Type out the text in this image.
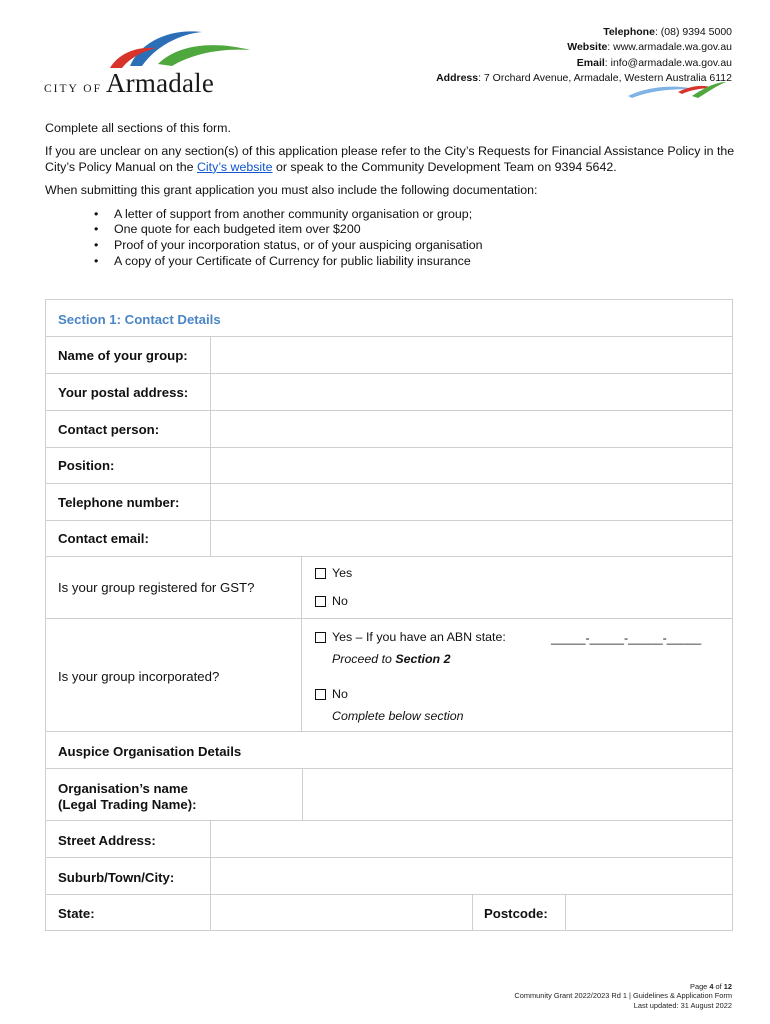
CITY OF Armadale
Telephone: (08) 9394 5000
Website: www.armadale.wa.gov.au
Email: info@armadale.wa.gov.au
Address: 7 Orchard Avenue, Armadale, Western Australia 6112

Complete all sections of this form.

If you are unclear on any section(s) of this application please refer to the City’s Requests for Financial Assistance Policy in the City’s Policy Manual on the City’s website or speak to the Community Development Team on 9394 5642.

When submitting this grant application you must also include the following documentation:

• A letter of support from another community organisation or group;
• One quote for each budgeted item over $200
• Proof of your incorporation status, or of your auspicing organisation
• A copy of your Certificate of Currency for public liability insurance
Section 1: Contact Details
Name of your group:
Your postal address:
Contact person:
Position:
Telephone number:
Contact email:
Is your group registered for GST?
Yes
No
Is your group incorporated?
Yes – If you have an ABN state:	_____-_____-_____-_____
Proceed to Section 2
No
Complete below section
Auspice Organisation Details
Organisation’s name
(Legal Trading Name):
Street Address:
Suburb/Town/City:
State:	Postcode:
Page 4 of 12
Community Grant 2022/2023 Rd 1 | Guidelines & Application Form
Last updated: 31 August 2022
